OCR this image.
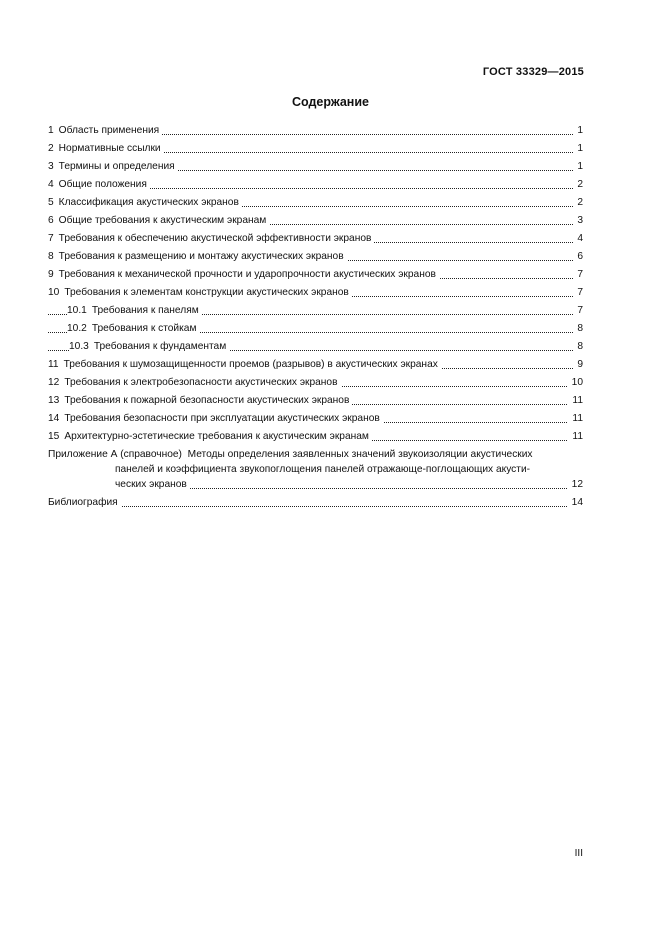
ГОСТ 33329—2015
Содержание
1 Область применения	1
2 Нормативные ссылки	1
3 Термины и определения	1
4 Общие положения	2
5 Классификация акустических экранов	2
6 Общие требования к акустическим экранам	3
7 Требования к обеспечению акустической эффективности экранов	4
8 Требования к размещению и монтажу акустических экранов	6
9 Требования к механической прочности и ударопрочности акустических экранов	7
10 Требования к элементам конструкции акустических экранов	7
10.1 Требования к панелям	7
10.2 Требования к стойкам	8
10.3 Требования к фундаментам	8
11 Требования к шумозащищенности проемов (разрывов) в акустических экранах	9
12 Требования к электробезопасности акустических экранов	10
13 Требования к пожарной безопасности акустических экранов	11
14 Требования безопасности при эксплуатации акустических экранов	11
15 Архитектурно-эстетические требования к акустическим экранам	11
Приложение А (справочное) Методы определения заявленных значений звукоизоляции акустических
панелей и коэффициента звукопоглощения панелей отражающе-поглощающих акусти-
ческих экранов	12
Библиография	14
III
